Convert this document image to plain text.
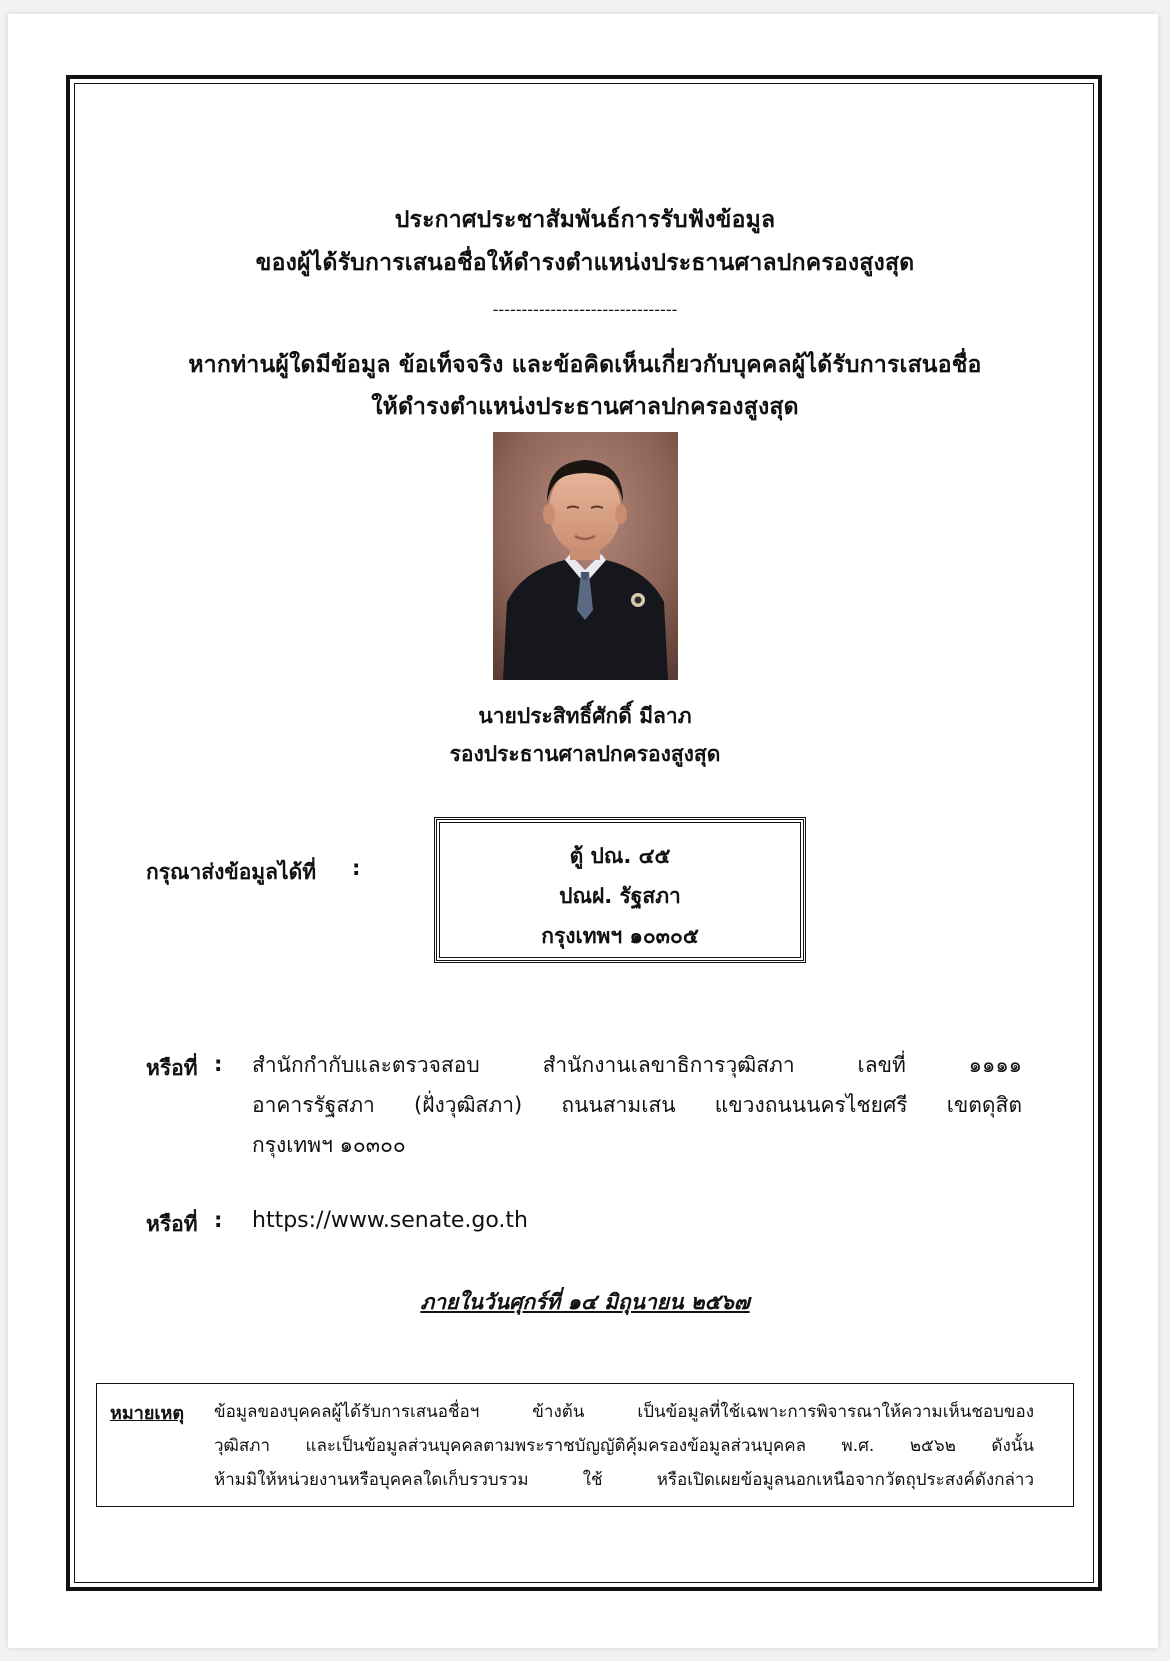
ประกาศประชาสัมพันธ์การรับฟังข้อมูล
ของผู้ได้รับการเสนอชื่อให้ดำรงตำแหน่งประธานศาลปกครองสูงสุด
--------------------------------
หากท่านผู้ใดมีข้อมูล ข้อเท็จจริง และข้อคิดเห็นเกี่ยวกับบุคคลผู้ได้รับการเสนอชื่อ
ให้ดำรงตำแหน่งประธานศาลปกครองสูงสุด
นายประสิทธิ์ศักดิ์ มีลาภ
รองประธานศาลปกครองสูงสุด
กรุณาส่งข้อมูลได้ที่ :	ตู้ ปณ. ๔๕
ปณฝ. รัฐสภา
กรุงเทพฯ ๑๐๓๐๕
หรือที่ : สำนักกำกับและตรวจสอบ สำนักงานเลขาธิการวุฒิสภา เลขที่ ๑๑๑๑
อาคารรัฐสภา (ฝั่งวุฒิสภา) ถนนสามเสน แขวงถนนนครไชยศรี เขตดุสิต
กรุงเทพฯ ๑๐๓๐๐
หรือที่ : https://www.senate.go.th
ภายในวันศุกร์ที่ ๑๔ มิถุนายน ๒๕๖๗
หมายเหตุ ข้อมูลของบุคคลผู้ได้รับการเสนอชื่อฯ ข้างต้น เป็นข้อมูลที่ใช้เฉพาะการพิจารณาให้ความเห็นชอบของ
วุฒิสภา และเป็นข้อมูลส่วนบุคคลตามพระราชบัญญัติคุ้มครองข้อมูลส่วนบุคคล พ.ศ. ๒๕๖๒ ดังนั้น
ห้ามมิให้หน่วยงานหรือบุคคลใดเก็บรวบรวม ใช้ หรือเปิดเผยข้อมูลนอกเหนือจากวัตถุประสงค์ดังกล่าว
